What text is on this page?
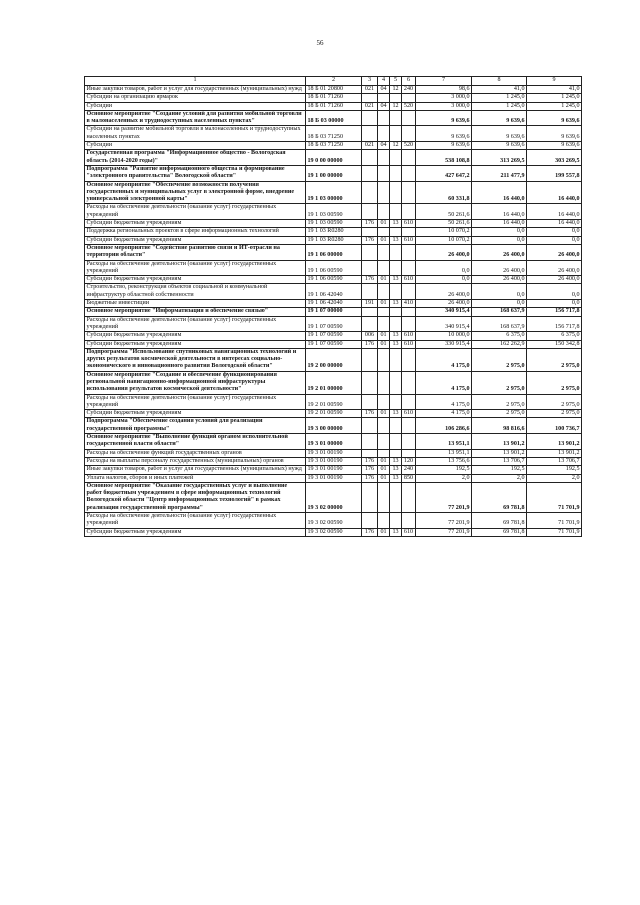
56
1	2	3	4	5	6	7	8	9
Иные закупки товаров, работ и услуг для государственных (муниципальных) нужд	18 Б 01 20800	021	04	12	240	98,6	41,0	41,0
Субсидии на организацию ярмарок	18 Б 01 71260					3 000,0	1 245,0	1 245,0
Субсидии	18 Б 01 71260	021	04	12	520	3 000,0	1 245,0	1 245,0
Основное мероприятие "Создание условий для развития мобильной торговли в малонаселенных и труднодоступных населенных пунктах"	18 Б 03 00000					9 639,6	9 639,6	9 639,6
Субсидии на развитие мобильной торговли в малонаселенных и труднодоступных населенных пунктах	18 Б 03 71250					9 639,6	9 639,6	9 639,6
Субсидии	18 Б 03 71250	021	04	12	520	9 639,6	9 639,6	9 639,6
Государственная программа "Информационное общество - Вологодская область (2014-2020 годы)"	19 0 00 00000					538 108,8	313 269,5	303 269,5
Подпрограмма "Развитие информационного общества и формирование "электронного правительства" Вологодской области"	19 1 00 00000					427 647,2	211 477,9	199 557,8
Основное мероприятие "Обеспечение возможности получения государственных и муниципальных услуг в электронной форме, внедрение универсальной электронной карты"	19 1 03 00000					60 331,8	16 440,0	16 440,0
Расходы на обеспечение деятельности (оказание услуг) государственных учреждений	19 1 03 00590					50 261,6	16 440,0	16 440,0
Субсидии бюджетным учреждениям	19 1 03 00590	176	01	13	610	50 261,6	16 440,0	16 440,0
Поддержка региональных проектов в сфере информационных технологий	19 1 03 R0280					10 070,2	0,0	0,0
Субсидии бюджетным учреждениям	19 1 03 R0280	176	01	13	610	10 070,2	0,0	0,0
Основное мероприятие "Содействие развитию связи и ИТ-отрасли на территории области"	19 1 06 00000					26 400,0	26 400,0	26 400,0
Расходы на обеспечение деятельности (оказание услуг) государственных учреждений	19 1 06 00590					0,0	26 400,0	26 400,0
Субсидии бюджетным учреждениям	19 1 06 00590	176	01	13	610	0,0	26 400,0	26 400,0
Строительство, реконструкция объектов социальной и коммунальной инфраструктур областной собственности	19 1 06 42040					26 400,0	0,0	0,0
Бюджетные инвестиции	19 1 06 42040	191	01	13	410	26 400,0	0,0	0,0
Основное мероприятие "Информатизация и обеспечение связью"	19 1 07 00000					340 915,4	168 637,9	156 717,8
Расходы на обеспечение деятельности (оказание услуг) государственных учреждений	19 1 07 00590					340 915,4	168 637,9	156 717,8
Субсидии бюджетным учреждениям	19 1 07 00590	006	01	13	610	10 000,0	6 375,0	6 375,0
Субсидии бюджетным учреждениям	19 1 07 00590	176	01	13	610	330 915,4	162 262,9	150 342,8
Подпрограмма "Использование спутниковых навигационных технологий и других результатов космической деятельности в интересах социально-экономического и инновационного развития Вологодской области"	19 2 00 00000					4 175,0	2 975,0	2 975,0
Основное мероприятие "Создание и обеспечение функционирования региональной навигационно-информационной инфраструктуры использования результатов космической деятельности"	19 2 01 00000					4 175,0	2 975,0	2 975,0
Расходы на обеспечение деятельности (оказание услуг) государственных учреждений	19 2 01 00590					4 175,0	2 975,0	2 975,0
Субсидии бюджетным учреждениям	19 2 01 00590	176	01	13	610	4 175,0	2 975,0	2 975,0
Подпрограмма "Обеспечение создания условий для реализации государственной программы"	19 3 00 00000					106 286,6	98 816,6	100 736,7
Основное мероприятие "Выполнение функций органом исполнительной государственной власти области"	19 3 01 00000					13 951,1	13 901,2	13 901,2
Расходы на обеспечение функций государственных органов	19 3 01 00190					13 951,1	13 901,2	13 901,2
Расходы на выплаты персоналу государственных (муниципальных) органов	19 3 01 00190	176	01	13	120	13 756,6	13 706,7	13 706,7
Иные закупки товаров, работ и услуг для государственных (муниципальных) нужд	19 3 01 00190	176	01	13	240	192,5	192,5	192,5
Уплата налогов, сборов и иных платежей	19 3 01 00190	176	01	13	850	2,0	2,0	2,0
Основное мероприятие "Оказание государственных услуг и выполнение работ бюджетным учреждением в сфере информационных технологий Вологодской области "Центр информационных технологий" в рамках реализации государственной программы"	19 3 02 00000					77 201,9	69 781,8	71 701,9
Расходы на обеспечение деятельности (оказание услуг) государственных учреждений	19 3 02 00590					77 201,9	69 781,8	71 701,9
Субсидии бюджетным учреждениям	19 3 02 00590	176	01	13	610	77 201,9	69 781,8	71 701,9
